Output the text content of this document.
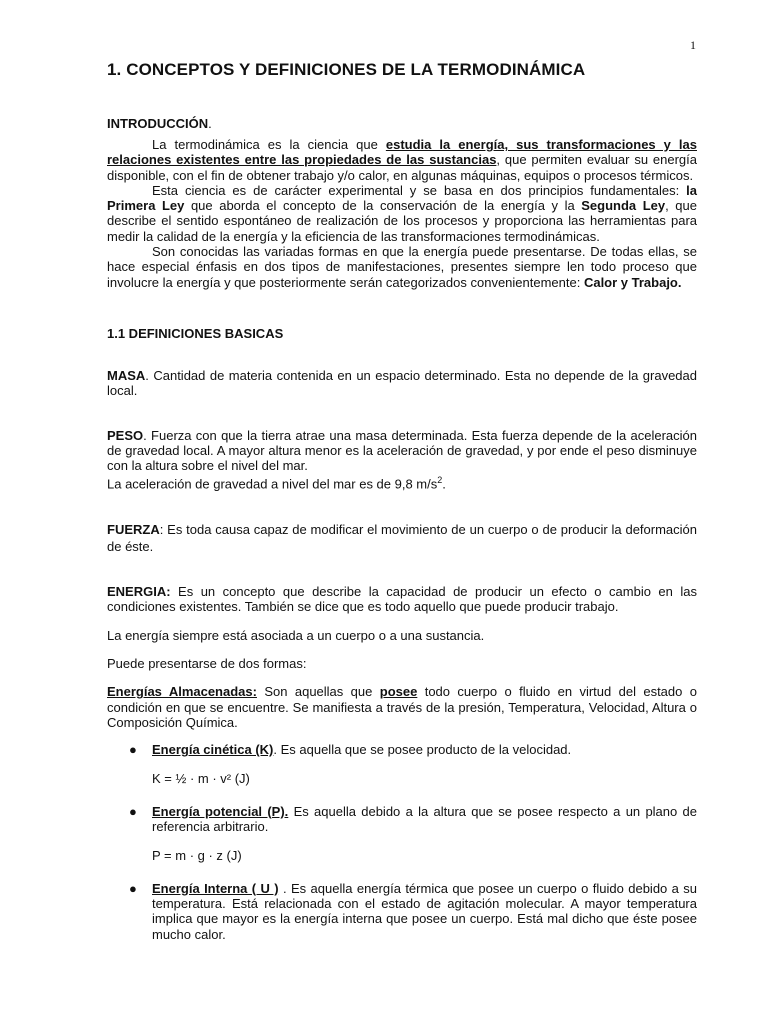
1
1. CONCEPTOS Y DEFINICIONES DE LA TERMODINÁMICA
INTRODUCCIÓN.

La termodinámica es la ciencia que estudia la energía, sus transformaciones y las relaciones existentes entre las propiedades de las sustancias, que permiten evaluar su energía disponible, con el fin de obtener trabajo y/o calor, en algunas máquinas, equipos o procesos térmicos.

Esta ciencia es de carácter experimental y se basa en dos principios fundamentales: la Primera Ley que aborda el concepto de la conservación de la energía y la Segunda Ley, que describe el sentido espontáneo de realización de los procesos y proporciona las herramientas para medir la calidad de la energía y la eficiencia de las transformaciones termodinámicas.

Son conocidas las variadas formas en que la energía puede presentarse. De todas ellas, se hace especial énfasis en dos tipos de manifestaciones, presentes siempre len todo proceso que involucre la energía y que posteriormente serán categorizados convenientemente: Calor y Trabajo.

1.1 DEFINICIONES BASICAS

MASA. Cantidad de materia contenida en un espacio determinado. Esta no depende de la gravedad local.

PESO. Fuerza con que la tierra atrae una masa determinada. Esta fuerza depende de la aceleración de gravedad local. A mayor altura menor es la aceleración de gravedad, y por ende el peso disminuye con la altura sobre el nivel del mar.

La aceleración de gravedad a nivel del mar es de 9,8 $m/s^2$.

FUERZA: Es toda causa capaz de modificar el movimiento de un cuerpo o de producir la deformación de éste.

ENERGIA: Es un concepto que describe la capacidad de producir un efecto o cambio en las condiciones existentes. También se dice que es todo aquello que puede producir trabajo.

La energía siempre está asociada a un cuerpo o a una sustancia.

Puede presentarse de dos formas:

Energías Almacenadas: Son aquellas que posee todo cuerpo o fluido en virtud del estado o condición en que se encuentre. Se manifiesta a través de la presión, Temperatura, Velocidad, Altura o Composición Química.

● Energía cinética (K). Es aquella que se posee producto de la velocidad.
K = ½ · m · v² (J)
● Energía potencial (P). Es aquella debido a la altura que se posee respecto a un plano de referencia arbitrario.
P = m · g · z (J)
● Energía Interna ( U ) . Es aquella energía térmica que posee un cuerpo o fluido debido a su temperatura. Está relacionada con el estado de agitación molecular. A mayor temperatura implica que mayor es la energía interna que posee un cuerpo. Está mal dicho que éste posee mucho calor.
